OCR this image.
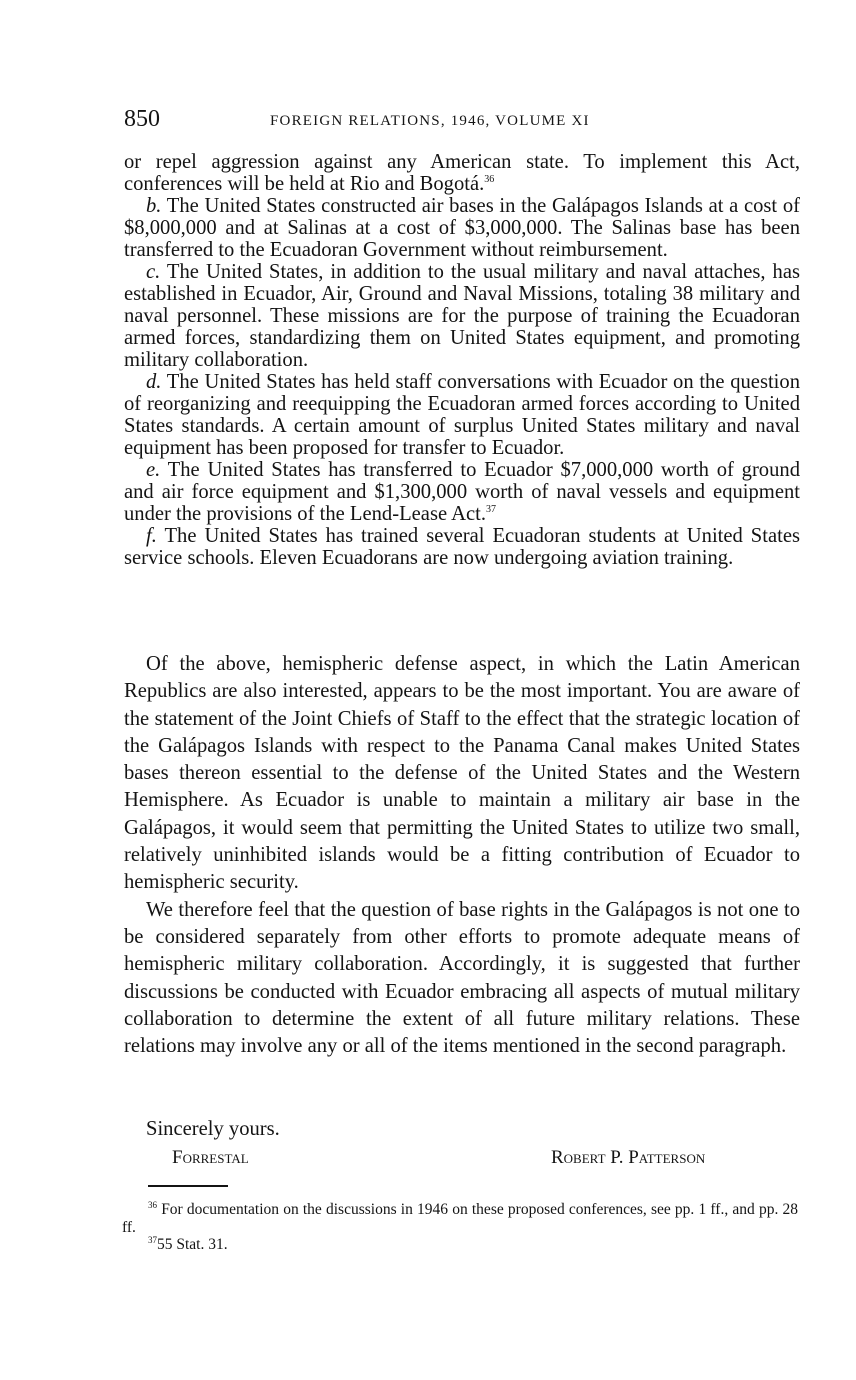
850	FOREIGN RELATIONS, 1946, VOLUME XI

or repel aggression against any American state. To implement this Act, conferences will be held at Rio and Bogotá.$^{36}$

b. The United States constructed air bases in the Galápagos Islands at a cost of $8,000,000 and at Salinas at a cost of $3,000,000. The Salinas base has been transferred to the Ecuadoran Government without reimbursement.

c. The United States, in addition to the usual military and naval attaches, has established in Ecuador, Air, Ground and Naval Missions, totaling 38 military and naval personnel. These missions are for the purpose of training the Ecuadoran armed forces, standardizing them on United States equipment, and promoting military collaboration.

d. The United States has held staff conversations with Ecuador on the question of reorganizing and reequipping the Ecuadoran armed forces according to United States standards. A certain amount of surplus United States military and naval equipment has been proposed for transfer to Ecuador.

e. The United States has transferred to Ecuador $7,000,000 worth of ground and air force equipment and $1,300,000 worth of naval vessels and equipment under the provisions of the Lend-Lease Act.$^{37}$

f. The United States has trained several Ecuadoran students at United States service schools. Eleven Ecuadorans are now undergoing aviation training.

Of the above, hemispheric defense aspect, in which the Latin American Republics are also interested, appears to be the most important. You are aware of the statement of the Joint Chiefs of Staff to the effect that the strategic location of the Galápagos Islands with respect to the Panama Canal makes United States bases thereon essential to the defense of the United States and the Western Hemisphere. As Ecuador is unable to maintain a military air base in the Galápagos, it would seem that permitting the United States to utilize two small, relatively uninhibited islands would be a fitting contribution of Ecuador to hemispheric security.

We therefore feel that the question of base rights in the Galápagos is not one to be considered separately from other efforts to promote adequate means of hemispheric military collaboration. Accordingly, it is suggested that further discussions be conducted with Ecuador embracing all aspects of mutual military collaboration to determine the extent of all future military relations. These relations may involve any or all of the items mentioned in the second paragraph.

Sincerely yours.
Forrestal	Robert P. Patterson

$^{36}$ For documentation on the discussions in 1946 on these proposed conferences, see pp. 1 ff., and pp. 28 ff.

$^{37}$55 Stat. 31.
